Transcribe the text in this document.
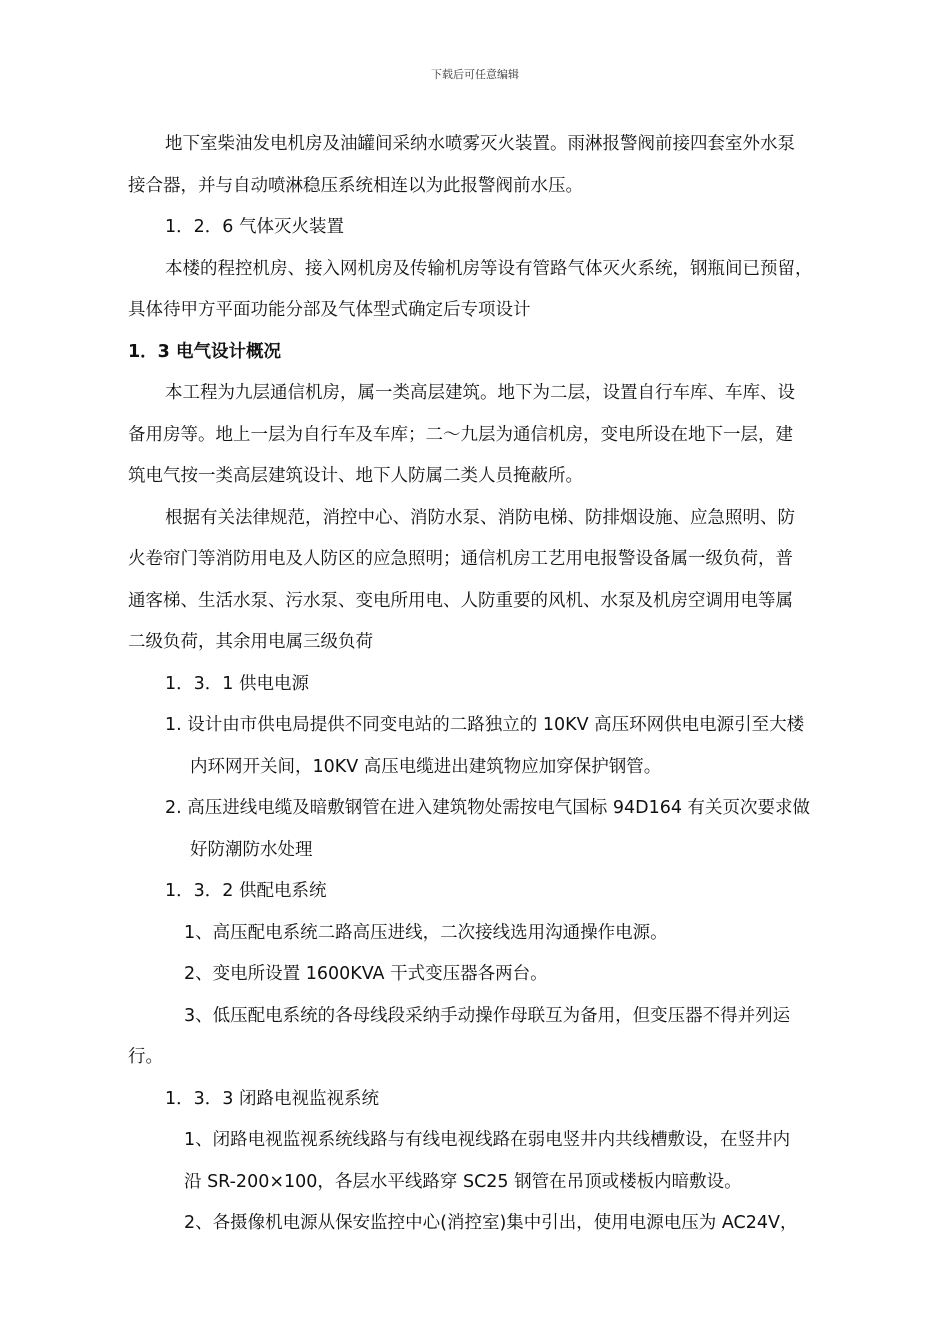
下载后可任意编辑
地下室柴油发电机房及油罐间采纳水喷雾灭火装置。雨淋报警阀前接四套室外水泵
接合器，并与自动喷淋稳压系统相连以为此报警阀前水压。
1．2．6 气体灭火装置
本楼的程控机房、接入网机房及传输机房等设有管路气体灭火系统，钢瓶间已预留，
具体待甲方平面功能分部及气体型式确定后专项设计
1．3 电气设计概况
本工程为九层通信机房，属一类高层建筑。地下为二层，设置自行车库、车库、设
备用房等。地上一层为自行车及车库；二～九层为通信机房，变电所设在地下一层，建
筑电气按一类高层建筑设计、地下人防属二类人员掩蔽所。
根据有关法律规范，消控中心、消防水泵、消防电梯、防排烟设施、应急照明、防
火卷帘门等消防用电及人防区的应急照明；通信机房工艺用电报警设备属一级负荷，普
通客梯、生活水泵、污水泵、变电所用电、人防重要的风机、水泵及机房空调用电等属
二级负荷，其余用电属三级负荷
1．3．1 供电电源
1. 设计由市供电局提供不同变电站的二路独立的 10KV 高压环网供电电源引至大楼
内环网开关间，10KV 高压电缆进出建筑物应加穿保护钢管。
2. 高压进线电缆及暗敷钢管在进入建筑物处需按电气国标 94D164 有关页次要求做
好防潮防水处理
1．3．2 供配电系统
1、高压配电系统二路高压进线，二次接线选用沟通操作电源。
2、变电所设置 1600KVA 干式变压器各两台。
3、低压配电系统的各母线段采纳手动操作母联互为备用，但变压器不得并列运
行。
1．3．3 闭路电视监视系统
1、闭路电视监视系统线路与有线电视线路在弱电竖井内共线槽敷设，在竖井内
沿 SR-200×100，各层水平线路穿 SC25 钢管在吊顶或楼板内暗敷设。
2、各摄像机电源从保安监控中心(消控室)集中引出，使用电源电压为 AC24V，
